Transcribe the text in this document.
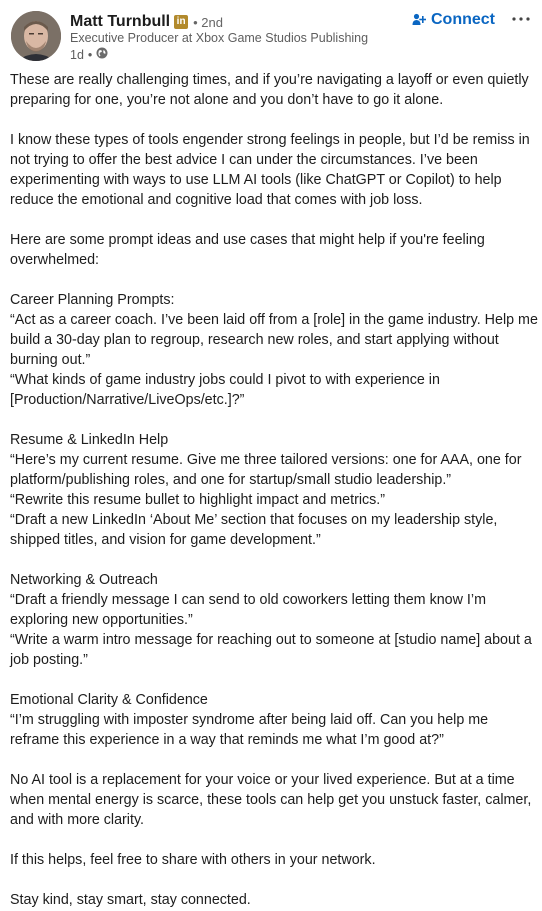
Matt Turnbull in • 2nd
Executive Producer at Xbox Game Studios Publishing
1d •
Connect
These are really challenging times, and if you’re navigating a layoff or even quietly
preparing for one, you’re not alone and you don’t have to go it alone.
I know these types of tools engender strong feelings in people, but I’d be remiss in
not trying to offer the best advice I can under the circumstances. I’ve been
experimenting with ways to use LLM AI tools (like ChatGPT or Copilot) to help
reduce the emotional and cognitive load that comes with job loss.
Here are some prompt ideas and use cases that might help if you're feeling
overwhelmed:
Career Planning Prompts:
“Act as a career coach. I’ve been laid off from a [role] in the game industry. Help me
build a 30-day plan to regroup, research new roles, and start applying without
burning out.”
“What kinds of game industry jobs could I pivot to with experience in
[Production/Narrative/LiveOps/etc.]?”
Resume & LinkedIn Help
“Here’s my current resume. Give me three tailored versions: one for AAA, one for
platform/publishing roles, and one for startup/small studio leadership.”
“Rewrite this resume bullet to highlight impact and metrics.”
“Draft a new LinkedIn ‘About Me’ section that focuses on my leadership style,
shipped titles, and vision for game development.”
Networking & Outreach
“Draft a friendly message I can send to old coworkers letting them know I’m
exploring new opportunities.”
“Write a warm intro message for reaching out to someone at [studio name] about a
job posting.”
Emotional Clarity & Confidence
“I’m struggling with imposter syndrome after being laid off. Can you help me
reframe this experience in a way that reminds me what I’m good at?”
No AI tool is a replacement for your voice or your lived experience. But at a time
when mental energy is scarce, these tools can help get you unstuck faster, calmer,
and with more clarity.
If this helps, feel free to share with others in your network.
Stay kind, stay smart, stay connected.
